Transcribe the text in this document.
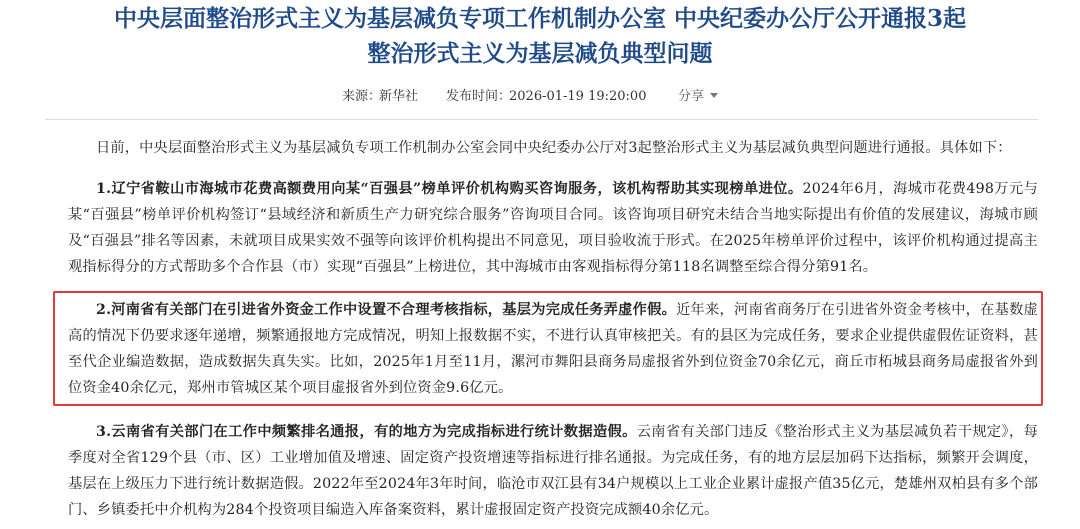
中央层面整治形式主义为基层减负专项工作机制办公室 中央纪委办公厅公开通报3起
整治形式主义为基层减负典型问题
来源：
新华社 发布时间：
2026-01-19 19:20:00 分享

日前，中央层面整治形式主义为基层减负专项工作机制办公室会同中央纪委办公厅对3起整治形式主义为基层减负典型问题进行通报。具体如下：

1.辽宁省鞍山市海城市花费高额费用向某“百强县”榜单评价机构购买咨询服务，该机构帮助其实现榜单进位。2024年6月，海城市花费498万元与某“百强县”榜单评价机构签订“县域经济和新质生产力研究综合服务”咨询项目合同。该咨询项目研究未结合当地实际提出有价值的发展建议，海城市顾及“百强县”排名等因素，未就项目成果实效不强等向该评价机构提出不同意见，项目验收流于形式。在2025年榜单评价过程中，该评价机构通过提高主观指标得分的方式帮助多个合作县（市）实现“百强县”上榜进位，其中海城市由客观指标得分第118名调整至综合得分第91名。

2.河南省有关部门在引进省外资金工作中设置不合理考核指标，基层为完成任务弄虚作假。近年来，河南省商务厅在引进省外资金考核中，在基数虚高的情况下仍要求逐年递增，频繁通报地方完成情况，明知上报数据不实，不进行认真审核把关。有的县区为完成任务，要求企业提供虚假佐证资料，甚至代企业编造数据，造成数据失真失实。比如，2025年1月至11月，漯河市舞阳县商务局虚报省外到位资金70余亿元，商丘市柘城县商务局虚报省外到位资金40余亿元，郑州市管城区某个项目虚报省外到位资金9.6亿元。

3.云南省有关部门在工作中频繁排名通报，有的地方为完成指标进行统计数据造假。云南省有关部门违反《整治形式主义为基层减负若干规定》，每季度对全省129个县（市、区）工业增加值及增速、固定资产投资增速等指标进行排名通报。为完成任务，有的地方层层加码下达指标，频繁开会调度，基层在上级压力下进行统计数据造假。2022年至2024年3年时间，临沧市双江县有34户规模以上工业企业累计虚报产值35亿元，楚雄州双柏县有多个部门、乡镇委托中介机构为284个投资项目编造入库备案资料，累计虚报固定资产投资完成额40余亿元。
